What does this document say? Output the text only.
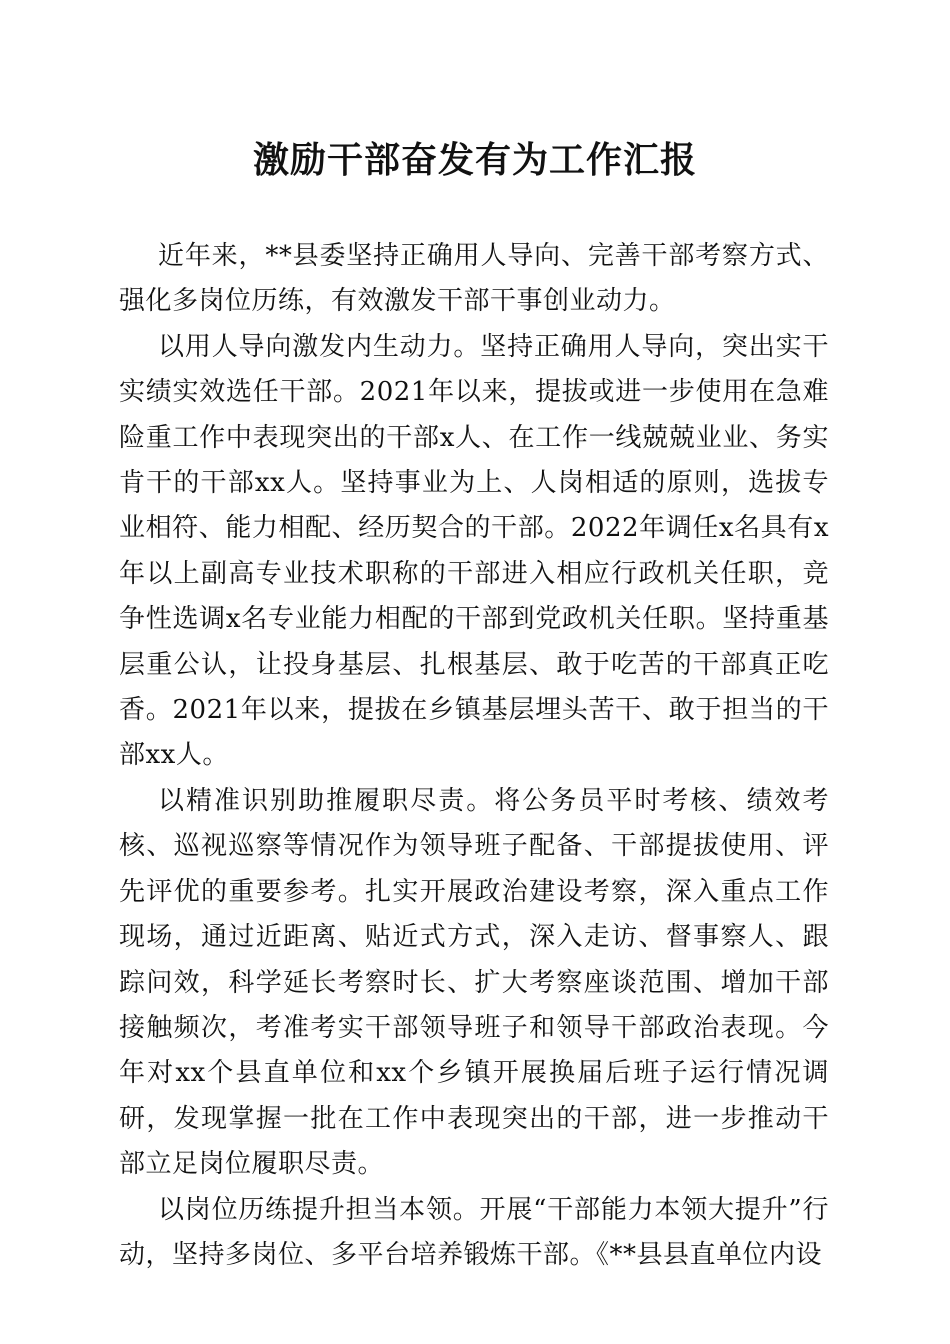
激励干部奋发有为工作汇报

近年来，**县委坚持正确用人导向、完善干部考察方式、强化多岗位历练，有效激发干部干事创业动力。

以用人导向激发内生动力。坚持正确用人导向，突出实干实绩实效选任干部。2021年以来，提拔或进一步使用在急难险重工作中表现突出的干部x人、在工作一线兢兢业业、务实肯干的干部xx人。坚持事业为上、人岗相适的原则，选拔专业相符、能力相配、经历契合的干部。2022年调任x名具有x年以上副高专业技术职称的干部进入相应行政机关任职，竞争性选调x名专业能力相配的干部到党政机关任职。坚持重基层重公认，让投身基层、扎根基层、敢于吃苦的干部真正吃香。2021年以来，提拔在乡镇基层埋头苦干、敢于担当的干部xx人。

以精准识别助推履职尽责。将公务员平时考核、绩效考核、巡视巡察等情况作为领导班子配备、干部提拔使用、评先评优的重要参考。扎实开展政治建设考察，深入重点工作现场，通过近距离、贴近式方式，深入走访、督事察人、跟踪问效，科学延长考察时长、扩大考察座谈范围、增加干部接触频次，考准考实干部领导班子和领导干部政治表现。今年对xx个县直单位和xx个乡镇开展换届后班子运行情况调研，发现掌握一批在工作中表现突出的干部，进一步推动干部立足岗位履职尽责。

以岗位历练提升担当本领。开展“干部能力本领大提升”行动，坚持多岗位、多平台培养锻炼干部。《**县县直单位内设
